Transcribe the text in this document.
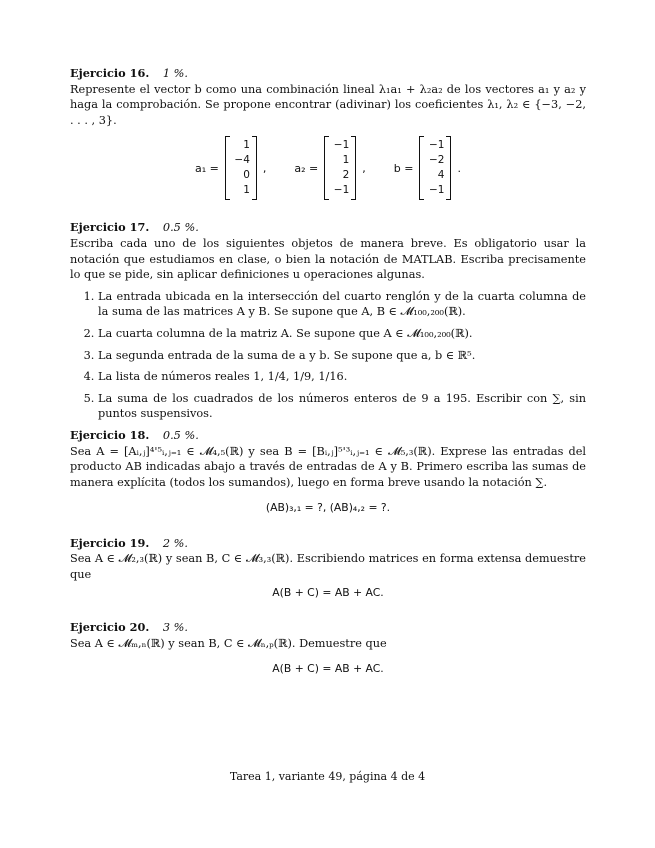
Ejercicio 16. 1 %.

Represente el vector b como una combinación lineal λ₁a₁ + λ₂a₂ de los vectores a₁ y a₂ y haga la comprobación. Se propone encontrar (adivinar) los coeficientes λ₁, λ₂ ∈ {−3, −2, . . . , 3}.

a₁ =
1
−4
0
1
,	a₂ =
−1
1
2
−1
,	b =
−1
−2
4
−1
.
Ejercicio 17. 0.5 %.

Escriba cada uno de los siguientes objetos de manera breve. Es obligatorio usar la notación que estudiamos en clase, o bien la notación de MATLAB. Escriba precisamente lo que se pide, sin aplicar definiciones u operaciones algunas.

1. La entrada ubicada en la intersección del cuarto renglón y de la cuarta columna de la suma de las matrices A y B. Se supone que A, B ∈ 𝓜₁₀₀,₂₀₀(ℝ).
2. La cuarta columna de la matriz A. Se supone que A ∈ 𝓜₁₀₀,₂₀₀(ℝ).
3. La segunda entrada de la suma de a y b. Se supone que a, b ∈ ℝ⁵.
4. La lista de números reales 1, 1/4, 1/9, 1/16.
5. La suma de los cuadrados de los números enteros de 9 a 195. Escribir con ∑, sin puntos suspensivos.
Ejercicio 18. 0.5 %.

Sea A = [Aᵢ,ⱼ]⁴'⁵ᵢ,ⱼ₌₁ ∈ 𝓜₄,₅(ℝ) y sea B = [Bᵢ,ⱼ]⁵'³ᵢ,ⱼ₌₁ ∈ 𝓜₅,₃(ℝ). Exprese las entradas del producto AB indicadas abajo a través de entradas de A y B. Primero escriba las sumas de manera explícita (todos los sumandos), luego en forma breve usando la notación ∑.

(AB)₃,₁ = ?, (AB)₄,₂ = ?.
Ejercicio 19. 2 %.

Sea A ∈ 𝓜₂,₃(ℝ) y sean B, C ∈ 𝓜₃,₃(ℝ). Escribiendo matrices en forma extensa demuestre que

A(B + C) = AB + AC.
Ejercicio 20. 3 %.

Sea A ∈ 𝓜ₘ,ₙ(ℝ) y sean B, C ∈ 𝓜ₙ,ₚ(ℝ). Demuestre que

A(B + C) = AB + AC.
Tarea 1, variante 49, página 4 de 4
